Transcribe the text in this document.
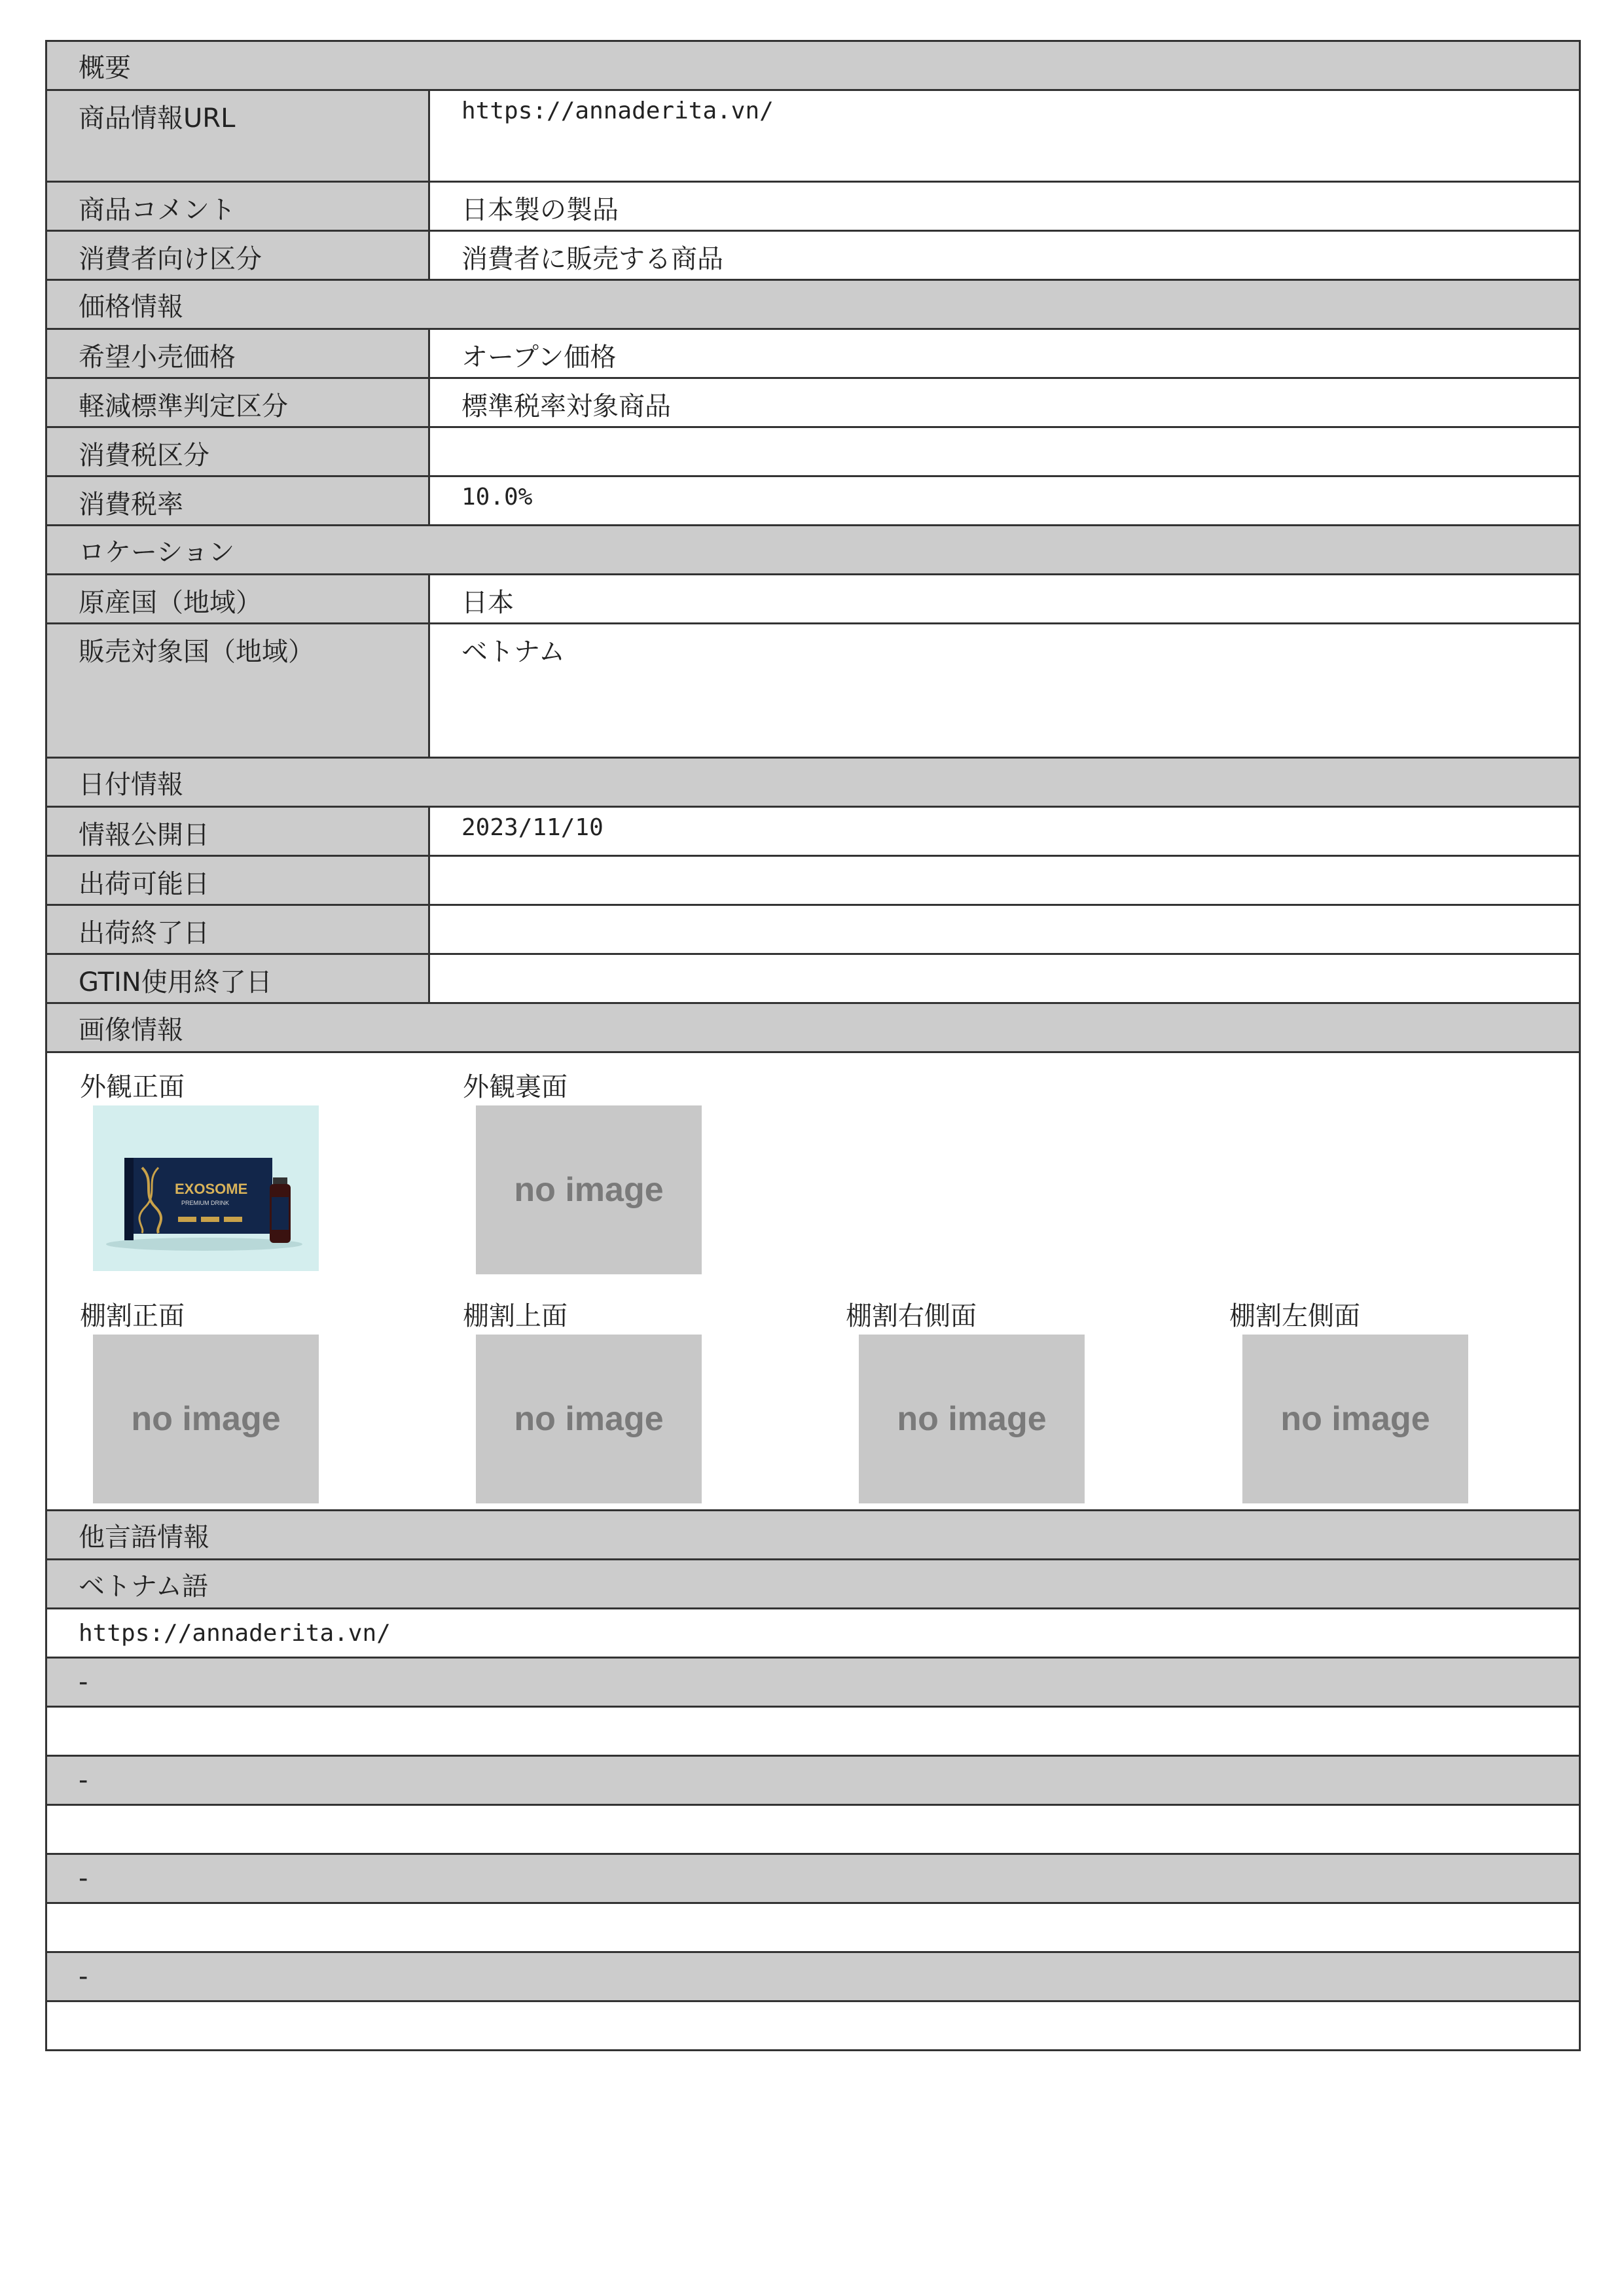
概要
商品情報URL	https://annaderita.vn/
商品コメント	日本製の製品
消費者向け区分	消費者に販売する商品
価格情報
希望小売価格	オープン価格
軽減標準判定区分	標準税率対象商品
消費税区分
消費税率	10.0%
ロケーション
原産国（地域）	日本
販売対象国（地域）	ベトナム
日付情報
情報公開日	2023/11/10
出荷可能日
出荷終了日
GTIN使用終了日
画像情報
外観正面
EXOSOME
PREMIUM DRINK
外観裏面
no image
棚割正面
no image
棚割上面
no image
棚割右側面
no image
棚割左側面
no image
他言語情報
ベトナム語
https://annaderita.vn/
-
-
-
-
